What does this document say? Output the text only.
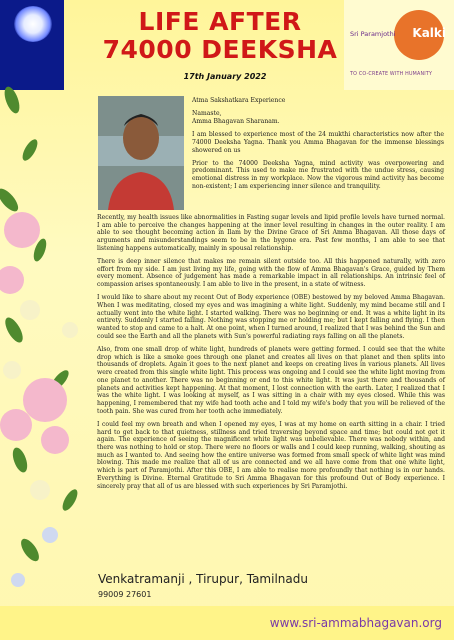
LIFE AFTER
74000 DEEKSHA
17th January 2022
Sri Paramjothi Kalki
TO CO-CREATE WITH HUMANITY

Atma Sakshatkara Experience

Namaste,
Amma Bhagavan Sharanam.

I am blessed to experience most of the 24 mukthi characteristics now after the 74000 Deeksha Yagna. Thank you Amma Bhagavan for the immense blessings showered on us

Prior to the 74000 Deeksha Yagna, mind activity was overpowering and predominant. This used to make me frustrated with the undue stress, causing emotional distress in my workplace. Now the vigorous mind activity has become non-existent; I am experiencing inner silence and tranquility.

Recently, my health issues like abnormalities in Fasting sugar levels and lipid profile levels have turned normal. I am able to perceive the changes happening at the inner level resulting in changes in the outer reality. I am able to see thought becoming action in Ilam by the Divine Grace of Sri Amma Bhagavan. All those days of arguments and misunderstandings seem to be in the bygone era. Past few months, I am able to see that listening happens automatically, mainly in spousal relationship.

There is deep inner silence that makes me remain silent outside too. All this happened naturally, with zero effort from my side. I am just living my life, going with the flow of Amma Bhagavan's Grace, guided by Them every moment. Absence of judgement has made a remarkable impact in all relationships. An intrinsic feel of compassion arises spontaneously. I am able to live in the present, in a state of witness.

I would like to share about my recent Out of Body experience (OBE) bestowed by my beloved Amma Bhagavan. When I was meditating, closed my eyes and was imagining a white light. Suddenly, my mind became still and I actually went into the white light. I started walking. There was no beginning or end. It was a white light in its entirety. Suddenly I started falling. Nothing was stopping me or holding me; but I kept falling and flying. I then wanted to stop and came to a halt. At one point, when I turned around, I realized that I was behind the Sun and could see the Earth and all the planets with Sun's powerful radiating rays falling on all the planets.

Also, from one small drop of white light, hundreds of planets were getting formed. I could see that the white drop which is like a smoke goes through one planet and creates all lives on that planet and then splits into thousands of droplets. Again it goes to the next planet and keeps on creating lives in various planets. All lives were created from this single white light. This process was ongoing and I could see the white light moving from one planet to another. There was no beginning or end to this white light. It was just there and thousands of planets and activities kept happening. At that moment, I lost connection with the earth. Later, I realized that I was the white light. I was looking at myself, as I was sitting in a chair with my eyes closed. While this was happening, I remembered that my wife had tooth ache and I told my wife's body that you will be relieved of the tooth pain. She was cured from her tooth ache immediately.

I could feel my own breath and when I opened my eyes, I was at my home on earth sitting in a chair. I tried hard to get back to that quietness, stillness and tried traversing beyond space and time; but could not get it again. The experience of seeing the magnificent white light was unbelievable. There was nobody within, and there was nothing to hold or stop. There were no floors or walls and I could keep running, walking, shouting as much as I wanted to. And seeing how the entire universe was formed from small speck of white light was mind blowing. This made me realize that all of us are connected and we all have come from that one white light, which is part of Paramjothi. After this OBE, I am able to realise more profoundly that nothing is in our hands. Everything is Divine. Eternal Gratitude to Sri Amma Bhagavan for this profound Out of Body experience. I sincerely pray that all of us are blessed with such experiences by Sri Paramjothi.

Venkatramanji , Tirupur, Tamilnadu
99009 27601
www.sri-ammabhagavan.org
